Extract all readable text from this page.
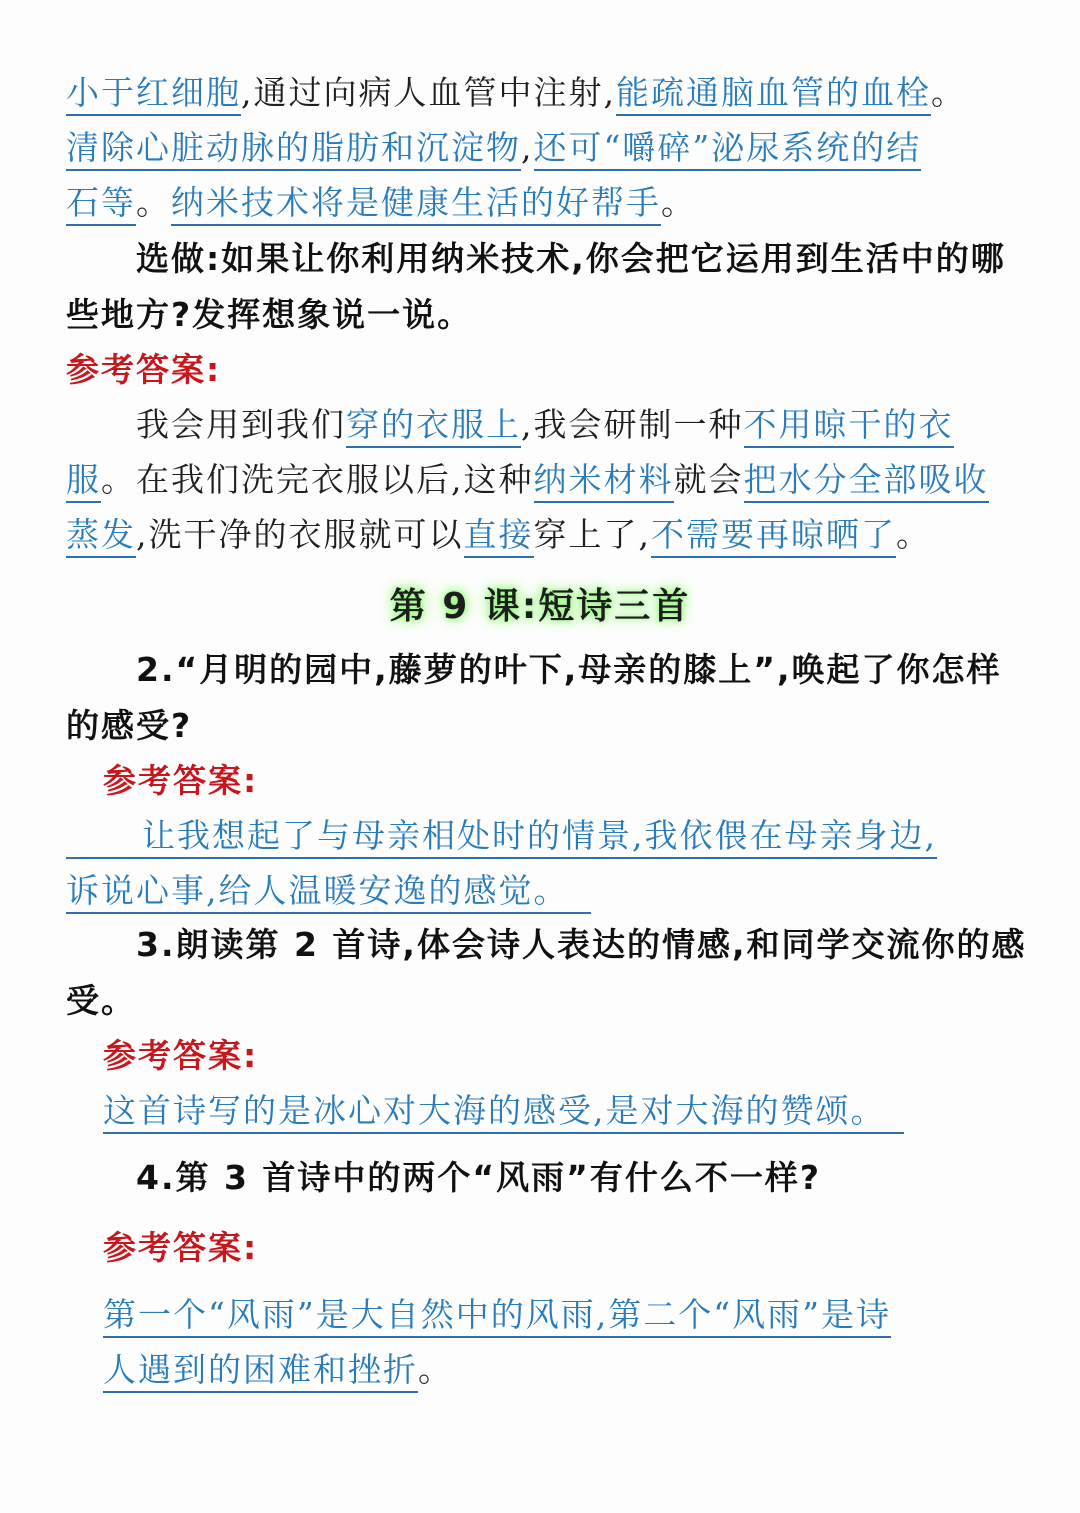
小于红细胞,通过向病人血管中注射,能疏通脑血管的血栓。
清除心脏动脉的脂肪和沉淀物,还可“嚼碎”泌尿系统的结
石等。纳米技术将是健康生活的好帮手。
选做:如果让你利用纳米技术,你会把它运用到生活中的哪
些地方?发挥想象说一说。
参考答案:
我会用到我们穿的衣服上,我会研制一种不用晾干的衣
服。在我们洗完衣服以后,这种纳米材料就会把水分全部吸收
蒸发,洗干净的衣服就可以直接穿上了,不需要再晾晒了。
第 9 课:短诗三首
2.“月明的园中,藤萝的叶下,母亲的膝上”,唤起了你怎样
的感受?
参考答案:
让我想起了与母亲相处时的情景,我依偎在母亲身边,
诉说心事,给人温暖安逸的感觉。
3.朗读第 2 首诗,体会诗人表达的情感,和同学交流你的感
受。
参考答案:
这首诗写的是冰心对大海的感受,是对大海的赞颂。
4.第 3 首诗中的两个“风雨”有什么不一样?
参考答案:
第一个“风雨”是大自然中的风雨,第二个“风雨”是诗
人遇到的困难和挫折。
